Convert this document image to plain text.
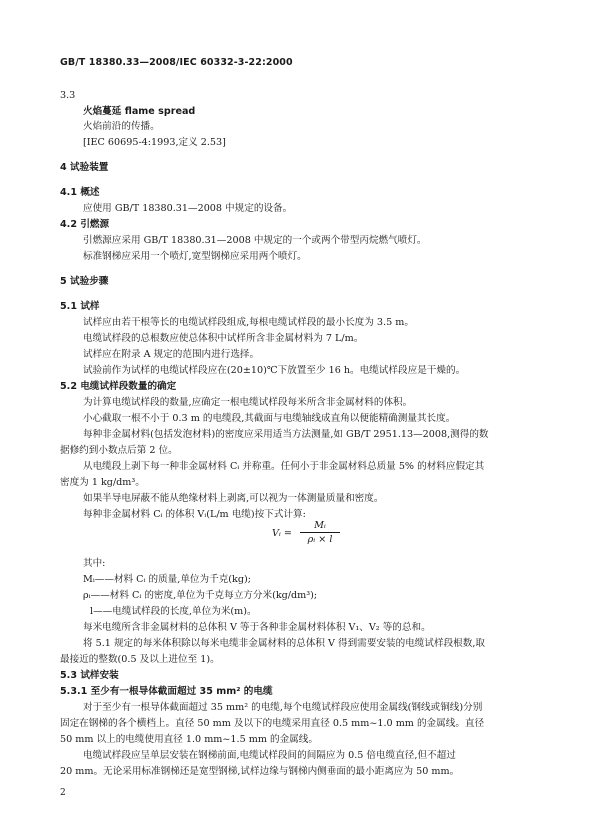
GB/T 18380.33—2008/IEC 60332-3-22:2000
3.3
火焰蔓延 flame spread
火焰前沿的传播。
[IEC 60695-4:1993,定义 2.53]
4 试验装置
4.1 概述
应使用 GB/T 18380.31—2008 中规定的设备。
4.2 引燃源
引燃源应采用 GB/T 18380.31—2008 中规定的一个或两个带型丙烷燃气喷灯。
标准钢梯应采用一个喷灯,宽型钢梯应采用两个喷灯。
5 试验步骤
5.1 试样
试样应由若干根等长的电缆试样段组成,每根电缆试样段的最小长度为 3.5 m。
电缆试样段的总根数应使总体积中试样所含非金属材料为 7 L/m。
试样应在附录 A 规定的范围内进行选择。
试验前作为试样的电缆试样段应在(20±10)℃下放置至少 16 h。电缆试样段应是干燥的。
5.2 电缆试样段数量的确定
为计算电缆试样段的数量,应确定一根电缆试样段每米所含非金属材料的体积。
小心截取一根不小于 0.3 m 的电缆段,其截面与电缆轴线成直角以便能精确测量其长度。
每种非金属材料(包括发泡材料)的密度应采用适当方法测量,如 GB/T 2951.13—2008,测得的数
据修约到小数点后第 2 位。
从电缆段上剥下每一种非金属材料 Cᵢ 并称重。任何小于非金属材料总质量 5% 的材料应假定其
密度为 1 kg/dm³。
如果半导电屏蔽不能从绝缘材料上剥离,可以视为一体测量质量和密度。
每种非金属材料 Cᵢ 的体积 Vᵢ(L/m 电缆)按下式计算:
其中:
Mᵢ——材料 Cᵢ 的质量,单位为千克(kg);
ρᵢ——材料 Cᵢ 的密度,单位为千克每立方分米(kg/dm³);
l——电缆试样段的长度,单位为米(m)。
每米电缆所含非金属材料的总体积 V 等于各种非金属材料体积 V₁、V₂ 等的总和。
将 5.1 规定的每米体积除以每米电缆非金属材料的总体积 V 得到需要安装的电缆试样段根数,取
最接近的整数(0.5 及以上进位至 1)。
5.3 试样安装
5.3.1 至少有一根导体截面超过 35 mm² 的电缆
对于至少有一根导体截面超过 35 mm² 的电缆,每个电缆试样段应使用金属线(钢线或铜线)分别
固定在钢梯的各个横档上。直径 50 mm 及以下的电缆采用直径 0.5 mm~1.0 mm 的金属线。直径
50 mm 以上的电缆使用直径 1.0 mm~1.5 mm 的金属线。
电缆试样段应呈单层安装在钢梯前面,电缆试样段间的间隔应为 0.5 倍电缆直径,但不超过
20 mm。无论采用标准钢梯还是宽型钢梯,试样边缘与钢梯内侧垂面的最小距离应为 50 mm。
Vᵢ = $\frac{\text{Mᵢ}}{\text{ρᵢ × l}}$
2
